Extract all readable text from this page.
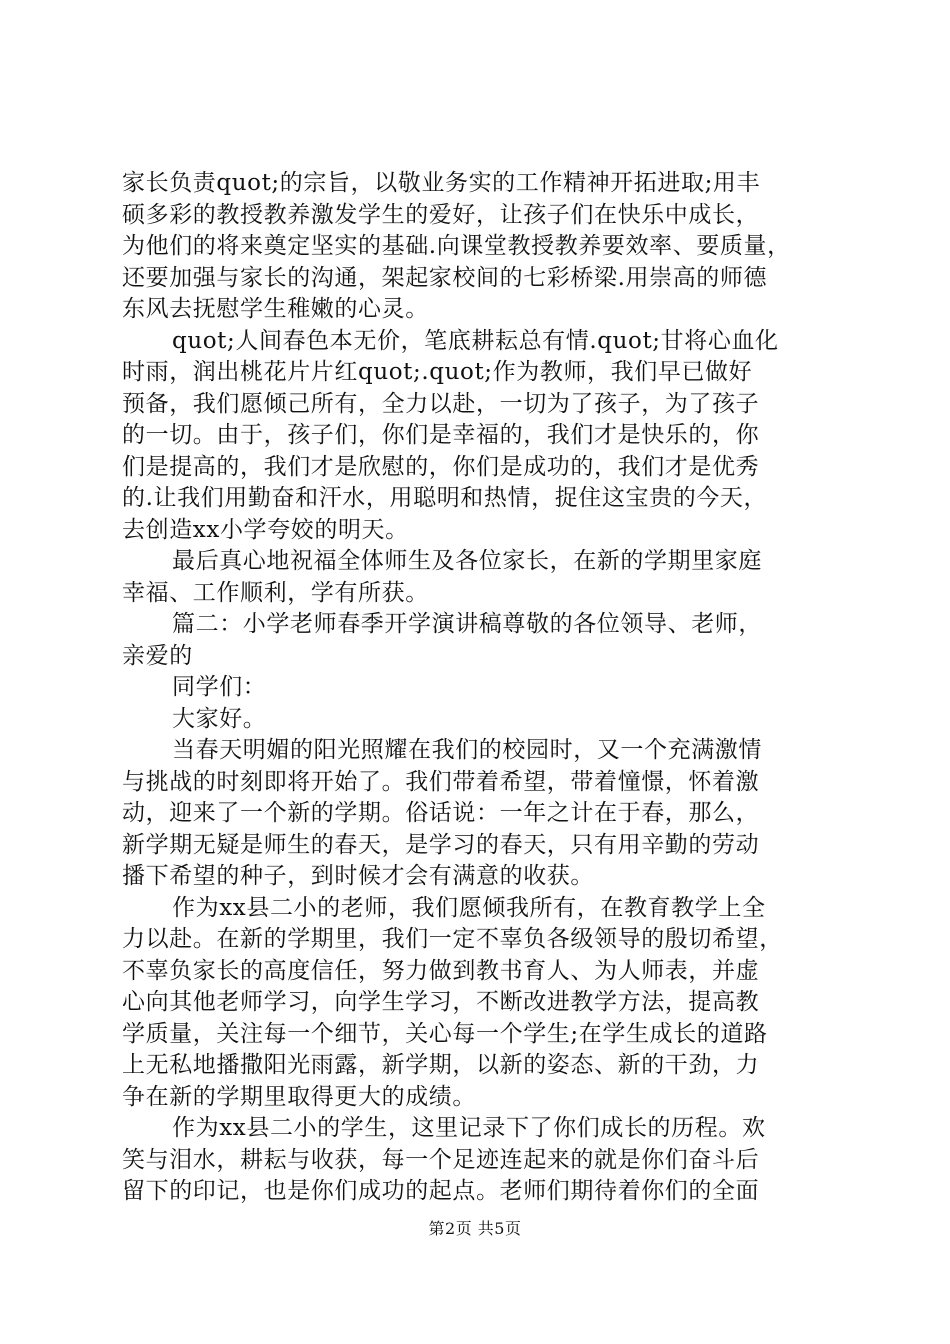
家长负责quot;的宗旨，以敬业务实的工作精神开拓进取;用丰
硕多彩的教授教养激发学生的爱好，让孩子们在快乐中成长，
为他们的将来奠定坚实的基础.向课堂教授教养要效率、要质量，
还要加强与家长的沟通，架起家校间的七彩桥梁.用崇高的师德
东风去抚慰学生稚嫩的心灵。
quot;人间春色本无价，笔底耕耘总有情.quot;甘将心血化
时雨，润出桃花片片红quot;.quot;作为教师，我们早已做好
预备，我们愿倾己所有，全力以赴，一切为了孩子，为了孩子
的一切。由于，孩子们，你们是幸福的，我们才是快乐的，你
们是提高的，我们才是欣慰的，你们是成功的，我们才是优秀
的.让我们用勤奋和汗水，用聪明和热情，捉住这宝贵的今天，
去创造xx小学夸姣的明天。
最后真心地祝福全体师生及各位家长，在新的学期里家庭
幸福、工作顺利，学有所获。
篇二：小学老师春季开学演讲稿尊敬的各位领导、老师，
亲爱的
同学们：
大家好。
当春天明媚的阳光照耀在我们的校园时，又一个充满激情
与挑战的时刻即将开始了。我们带着希望，带着憧憬，怀着激
动，迎来了一个新的学期。俗话说：一年之计在于春，那么，
新学期无疑是师生的春天，是学习的春天，只有用辛勤的劳动
播下希望的种子，到时候才会有满意的收获。
作为xx县二小的老师，我们愿倾我所有，在教育教学上全
力以赴。在新的学期里，我们一定不辜负各级领导的殷切希望，
不辜负家长的高度信任，努力做到教书育人、为人师表，并虚
心向其他老师学习，向学生学习，不断改进教学方法，提高教
学质量，关注每一个细节，关心每一个学生;在学生成长的道路
上无私地播撒阳光雨露，新学期，以新的姿态、新的干劲，力
争在新的学期里取得更大的成绩。
作为xx县二小的学生，这里记录下了你们成长的历程。欢
笑与泪水，耕耘与收获，每一个足迹连起来的就是你们奋斗后
留下的印记，也是你们成功的起点。老师们期待着你们的全面
第2页 共5页
